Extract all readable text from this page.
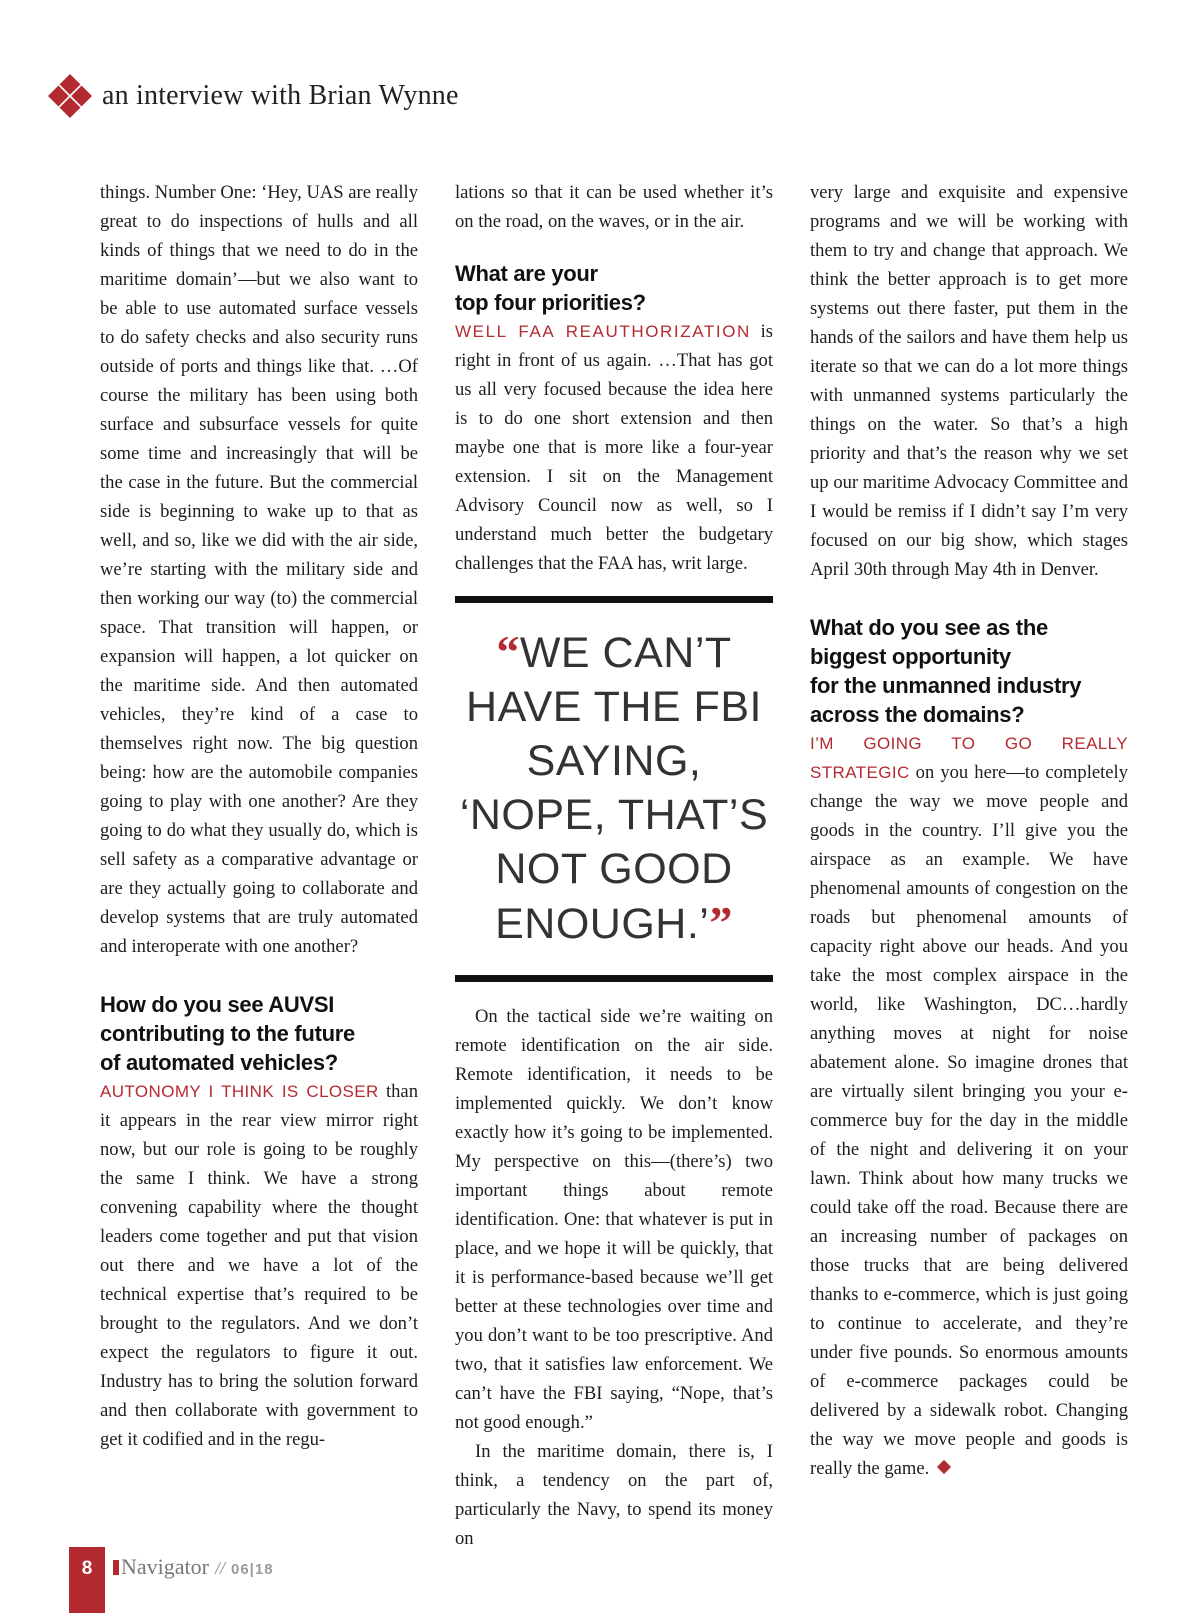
an interview with Brian Wynne

things. Number One: ‘Hey, UAS are really great to do inspections of hulls and all kinds of things that we need to do in the maritime domain’—but we also want to be able to use automated surface vessels to do safety checks and also security runs outside of ports and things like that. …Of course the military has been using both surface and subsurface vessels for quite some time and increasingly that will be the case in the future. But the commercial side is beginning to wake up to that as well, and so, like we did with the air side, we’re starting with the military side and then working our way (to) the commercial space. That transition will happen, or expansion will happen, a lot quicker on the maritime side. And then automated vehicles, they’re kind of a case to themselves right now. The big question being: how are the automobile companies going to play with one another? Are they going to do what they usually do, which is sell safety as a comparative advantage or are they actually going to collaborate and develop systems that are truly automated and interoperate with one another?

How do you see AUVSI
contributing to the future
of automated vehicles?

AUTONOMY I THINK IS CLOSER than it appears in the rear view mirror right now, but our role is going to be roughly the same I think. We have a strong convening capability where the thought leaders come together and put that vision out there and we have a lot of the technical expertise that’s required to be brought to the regulators. And we don’t expect the regulators to figure it out. Industry has to bring the solution forward and then collaborate with government to get it codified and in the regu-

lations so that it can be used whether it’s on the road, on the waves, or in the air.

What are your
top four priorities?

WELL FAA REAUTHORIZATION is right in front of us again. …That has got us all very focused because the idea here is to do one short extension and then maybe one that is more like a four-year extension. I sit on the Management Advisory Council now as well, so I understand much better the budgetary challenges that the FAA has, writ large.

“WE CAN’T HAVE THE FBI SAYING, ‘NOPE, THAT’S NOT GOOD ENOUGH.’”

On the tactical side we’re waiting on remote identification on the air side. Remote identification, it needs to be implemented quickly. We don’t know exactly how it’s going to be implemented. My perspective on this—(there’s) two important things about remote identification. One: that whatever is put in place, and we hope it will be quickly, that it is performance-based because we’ll get better at these technologies over time and you don’t want to be too prescriptive. And two, that it satisfies law enforcement. We can’t have the FBI saying, “Nope, that’s not good enough.”

In the maritime domain, there is, I think, a tendency on the part of, particularly the Navy, to spend its money on

very large and exquisite and expensive programs and we will be working with them to try and change that approach. We think the better approach is to get more systems out there faster, put them in the hands of the sailors and have them help us iterate so that we can do a lot more things with unmanned systems particularly the things on the water. So that’s a high priority and that’s the reason why we set up our maritime Advocacy Committee and I would be remiss if I didn’t say I’m very focused on our big show, which stages April 30th through May 4th in Denver.

What do you see as the
biggest opportunity
for the unmanned industry
across the domains?

I’M GOING TO GO REALLY STRATEGIC on you here—to completely change the way we move people and goods in the country. I’ll give you the airspace as an example. We have phenomenal amounts of congestion on the roads but phenomenal amounts of capacity right above our heads. And you take the most complex airspace in the world, like Washington, DC…hardly anything moves at night for noise abatement alone. So imagine drones that are virtually silent bringing you your e-commerce buy for the day in the middle of the night and delivering it on your lawn. Think about how many trucks we could take off the road. Because there are an increasing number of packages on those trucks that are being delivered thanks to e-commerce, which is just going to continue to accelerate, and they’re under five pounds. So enormous amounts of e-commerce packages could be delivered by a sidewalk robot. Changing the way we move people and goods is really the game.

8	Navigator // 06|18
